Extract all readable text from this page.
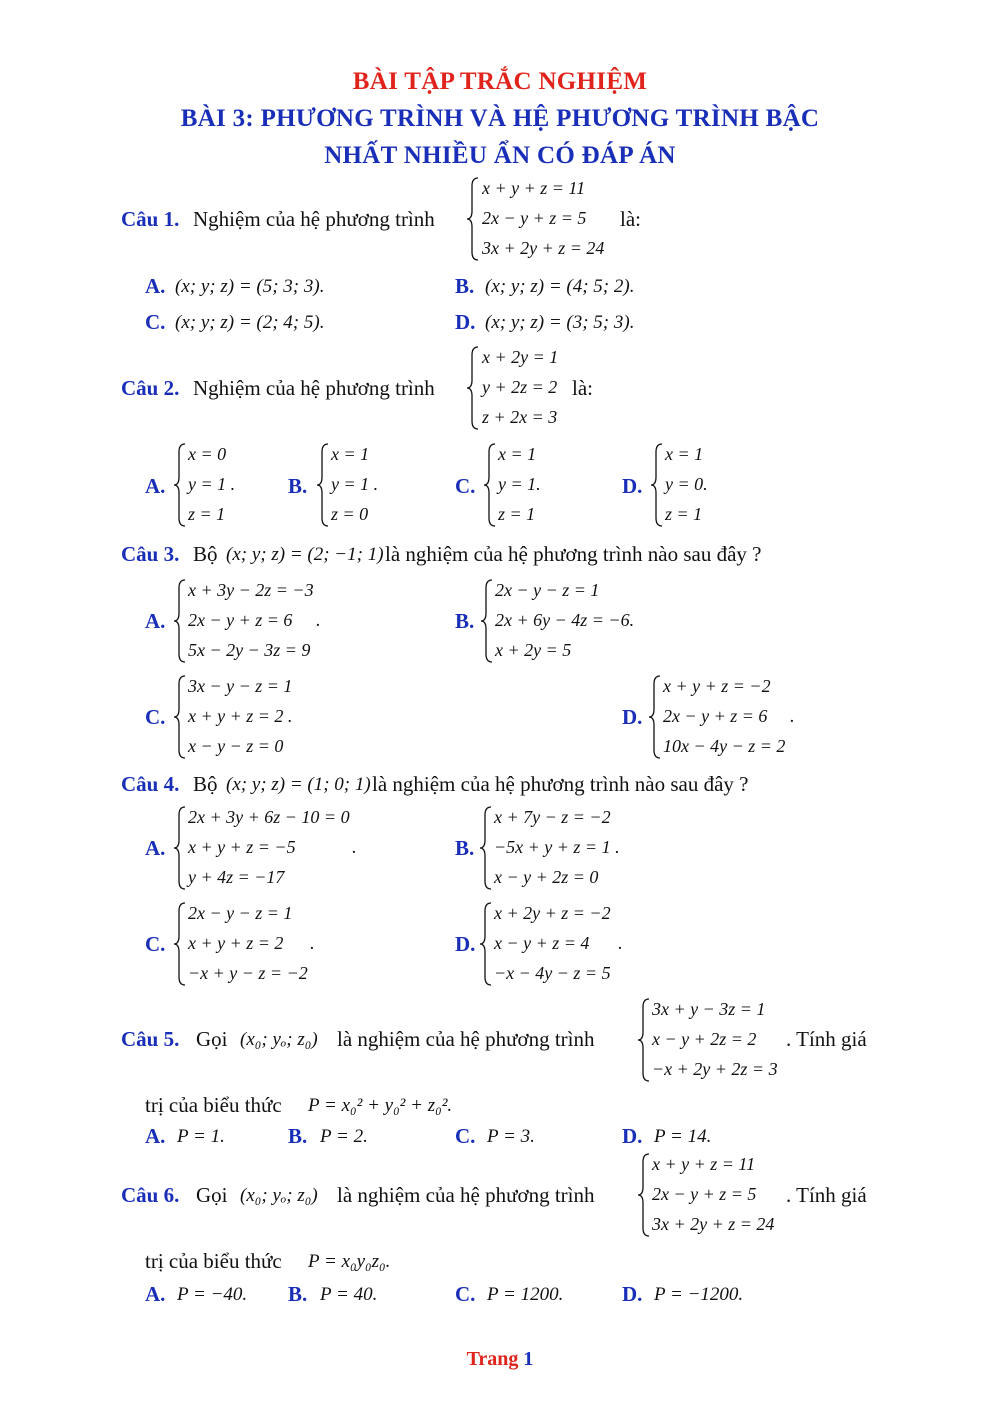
BÀI TẬP TRẮC NGHIỆM
BÀI 3: PHƯƠNG TRÌNH VÀ HỆ PHƯƠNG TRÌNH BẬC
NHẤT NHIỀU ẨN CÓ ĐÁP ÁN
Câu 1. Nghiệm của hệ phương trình
x + y + z = 11
2x − y + z = 5
3x + 2y + z = 24
là:
A. (x; y; z) = (5; 3; 3).	B. (x; y; z) = (4; 5; 2).
C. (x; y; z) = (2; 4; 5).	D. (x; y; z) = (3; 5; 3).
Câu 2. Nghiệm của hệ phương trình
x + 2y = 1
y + 2z = 2
z + 2x = 3
là:
A.
x = 0
y = 1 .
z = 1
B.
x = 1
y = 1 .
z = 0
C.
x = 1
y = 1.
z = 1
D.
x = 1
y = 0.
z = 1
Câu 3. Bộ (x; y; z) = (2; −1; 1) là nghiệm của hệ phương trình nào sau đây ?
A.
x + 3y − 2z = −3
2x − y + z = 6
5x − 2y − 3z = 9
.	B.
2x − y − z = 1
2x + 6y − 4z = −6.
x + 2y = 5
C.
3x − y − z = 1
x + y + z = 2 .
x − y − z = 0
D.
x + y + z = −2
2x − y + z = 6
10x − 4y − z = 2
.
Câu 4. Bộ (x; y; z) = (1; 0; 1) là nghiệm của hệ phương trình nào sau đây ?
A.
2x + 3y + 6z − 10 = 0
x + y + z = −5
y + 4z = −17
.	B.
x + 7y − z = −2
−5x + y + z = 1 .
x − y + 2z = 0
C.
2x − y − z = 1
x + y + z = 2
−x + y − z = −2
.	D.
x + 2y + z = −2
x − y + z = 4
−x − 4y − z = 5
.
Câu 5. Gọi (x₀; yₒ; z₀) là nghiệm của hệ phương trình
3x + y − 3z = 1
x − y + 2z = 2
−x + 2y + 2z = 3
. Tính giá
trị của biểu thức P = x₀² + y₀² + z₀².
A. P = 1.	B. P = 2.	C. P = 3.	D. P = 14.
Câu 6. Gọi (x₀; yₒ; z₀) là nghiệm của hệ phương trình
x + y + z = 11
2x − y + z = 5
3x + 2y + z = 24
. Tính giá
trị của biểu thức P = x₀y₀z₀.
A. P = −40. B. P = 40.	C. P = 1200.	D. P = −1200.
Trang 1
